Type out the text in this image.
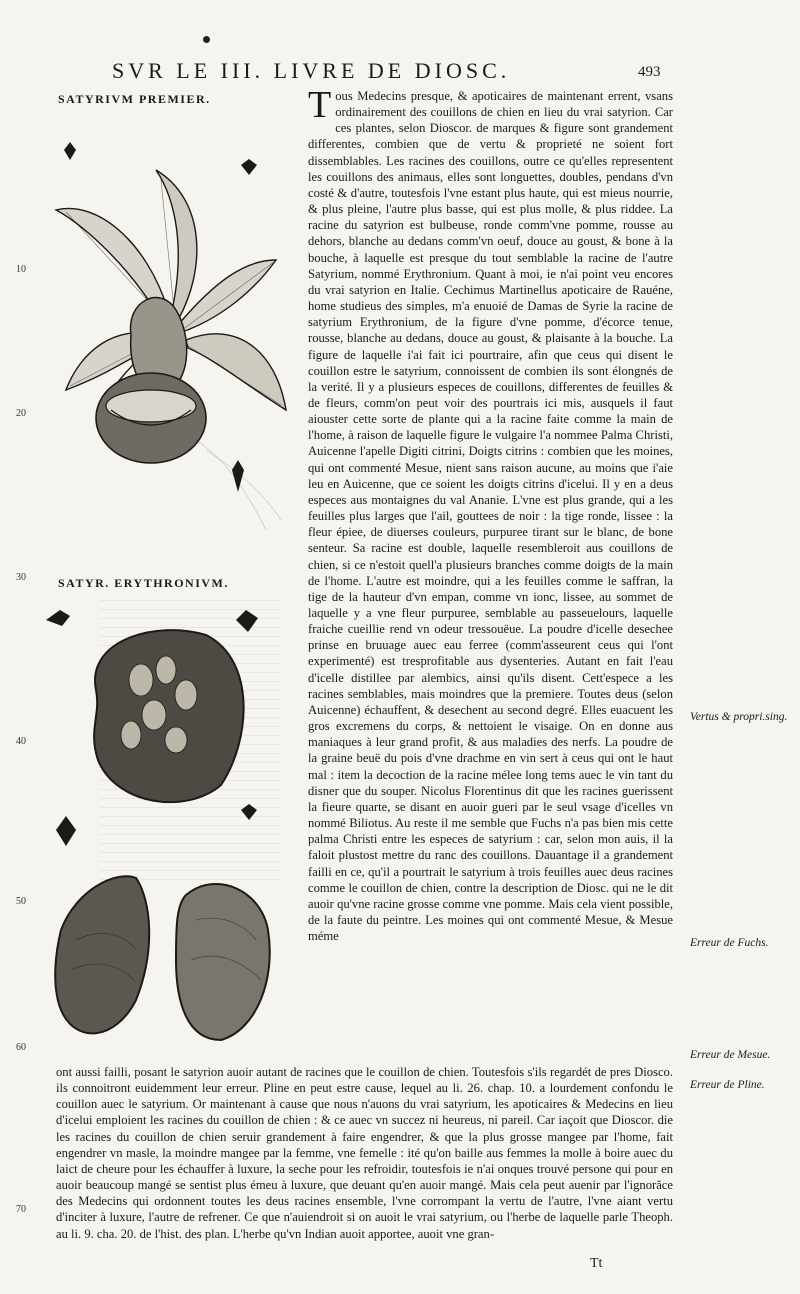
SVR LE III. LIVRE DE DIOSC.	493
SATYRIVM PREMIER.
SATYR. ERYTHRONIVM.
10
20
30
40
50
60
70
T ous Medecins presque, & apoticaires de maintenant errent, vsans ordinairement des couillons de chien en lieu du vrai satyrion. Car ces plantes, selon Dioscor. de marques & figure sont grandement differentes, combien que de vertu & proprieté ne soient fort dissemblables. Les racines des couillons, outre ce qu'elles representent les couillons des animaus, elles sont longuettes, doubles, pendans d'vn costé & d'autre, toutesfois l'vne estant plus haute, qui est mieus nourrie, & plus pleine, l'autre plus basse, qui est plus molle, & plus riddee. La racine du satyrion est bulbeuse, ronde comm'vne pomme, rousse au dehors, blanche au dedans comm'vn oeuf, douce au goust, & bone à la bouche, à laquelle est presque du tout semblable la racine de l'autre Satyrium, nommé Erythronium. Quant à moi, ie n'ai point veu encores du vrai satyrion en Italie. Cechimus Martinellus apoticaire de Rauéne, home studieus des simples, m'a enuoié de Damas de Syrie la racine de satyrium Erythronium, de la figure d'vne pomme, d'écorce tenue, rousse, blanche au dedans, douce au goust, & plaisante à la bouche. La figure de laquelle i'ai fait ici pourtraire, afin que ceus qui disent le couillon estre le satyrium, connoissent de combien ils sont élongnés de la verité. Il y a plusieurs especes de couillons, differentes de feuilles & de fleurs, comm'on peut voir des pourtrais ici mis, ausquels il faut aiouster cette sorte de plante qui a la racine faite comme la main de l'home, à raison de laquelle figure le vulgaire l'a nommee Palma Christi, Auicenne l'apelle Digiti citrini, Doigts citrins : combien que les moines, qui ont commenté Mesue, nient sans raison aucune, au moins que i'aie leu en Auicenne, que ce soient les doigts citrins d'icelui. Il y en a deus especes aus montaignes du val Ananie. L'vne est plus grande, qui a les feuilles plus larges que l'ail, gouttees de noir : la tige ronde, lissee : la fleur épiee, de diuerses couleurs, purpuree tirant sur le blanc, de bone senteur. Sa racine est double, laquelle resembleroit aus couillons de chien, si ce n'estoit quell'a plusieurs branches comme doigts de la main de l'home. L'autre est moindre, qui a les feuilles comme le saffran, la tige de la hauteur d'vn empan, comme vn ionc, lissee, au sommet de laquelle y a vne fleur purpuree, semblable au passeuelours, laquelle fraiche cueillie rend vn odeur tressouëue. La poudre d'icelle desechee prinse en bruuage auec eau ferree (comm'asseurent ceus qui l'ont experimenté) est tresprofitable aus dysenteries. Autant en fait l'eau d'icelle distillee par alembics, ainsi qu'ils disent. Cett'espece a les racines semblables, mais moindres que la premiere. Toutes deus (selon Auicenne) échauffent, & desechent au second degré. Elles euacuent les gros excremens du corps, & nettoient le visaige. On en donne aus maniaques à leur grand profit, & aus maladies des nerfs. La poudre de la graine beuë du pois d'vne drachme en vin sert à ceus qui ont le haut mal : item la decoction de la racine mélee long tems auec le vin tant du disner que du souper. Nicolus Florentinus dit que les racines guerissent la fieure quarte, se disant en auoir gueri par le seul vsage d'icelles vn nommé Biliotus. Au reste il me semble que Fuchs n'a pas bien mis cette palma Christi entre les especes de satyrium : car, selon mon auis, il la faloit plustost mettre du ranc des couillons. Dauantage il a grandement failli en ce, qu'il a pourtrait le satyrium à trois feuilles auec deus racines comme le couillon de chien, contre la description de Diosc. qui ne le dit auoir qu'vne racine grosse comme vne pomme. Mais cela vient possible, de la faute du peintre. Les moines qui ont commenté Mesue, & Mesue méme

ont aussi failli, posant le satyrion auoir autant de racines que le couillon de chien. Toutesfois s'ils regardét de pres Diosco. ils connoitront euidemment leur erreur. Pline en peut estre cause, lequel au li. 26. chap. 10. a lourdement confondu le couillon auec le satyrium. Or maintenant à cause que nous n'auons du vrai satyrium, les apoticaires & Medecins en lieu d'icelui emploient les racines du couillon de chien : & ce auec vn succez ni heureus, ni pareil. Car iaçoit que Dioscor. die les racines du couillon de chien seruir grandement à faire engendrer, & que la plus grosse mangee par l'home, fait engendrer vn masle, la moindre mangee par la femme, vne femelle : ité qu'on baille aus femmes la molle à boire auec du laict de cheure pour les échauffer à luxure, la seche pour les refroidir, toutesfois ie n'ai onques trouvé persone qui pour en auoir beaucoup mangé se sentist plus émeu à luxure, que deuant qu'en auoir mangé. Mais cela peut auenir par l'ignorăce des Medecins qui ordonnent toutes les deus racines ensemble, l'vne corrompant la vertu de l'autre, l'vne aiant vertu d'inciter à luxure, l'autre de refrener. Ce que n'auiendroit si on auoit le vrai satyrium, ou l'herbe de laquelle parle Theoph. au li. 9. cha. 20. de l'hist. des plan. L'herbe qu'vn Indian auoit apportee, auoit vne gran-

Vertus & propri.sing.
Erreur de Fuchs.
Erreur de Mesue.
Erreur de Pline.
Tt
